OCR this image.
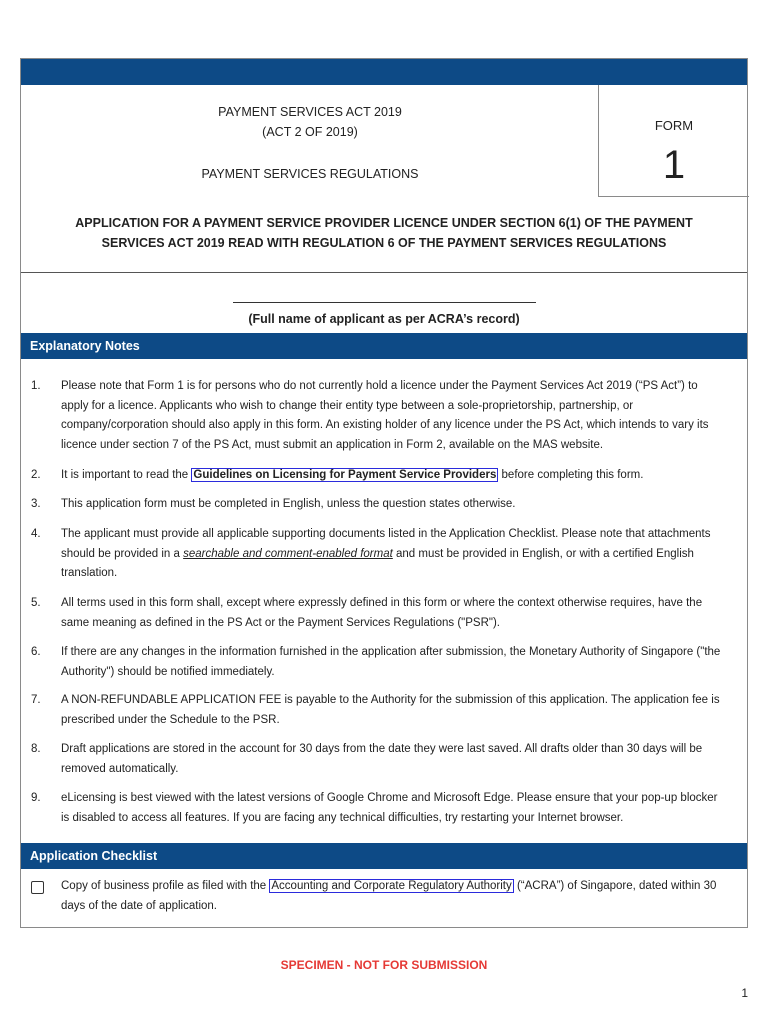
PAYMENT SERVICES ACT 2019
(ACT 2 OF 2019)
PAYMENT SERVICES REGULATIONS
FORM
1
APPLICATION FOR A PAYMENT SERVICE PROVIDER LICENCE UNDER SECTION 6(1) OF THE PAYMENT
SERVICES ACT 2019 READ WITH REGULATION 6 OF THE PAYMENT SERVICES REGULATIONS
(Full name of applicant as per ACRA’s record)
Explanatory Notes
1. Please note that Form 1 is for persons who do not currently hold a licence under the Payment Services Act 2019 (“PS Act”) to apply for a licence. Applicants who wish to change their entity type between a sole-proprietorship, partnership, or company/corporation should also apply in this form. An existing holder of any licence under the PS Act, which intends to vary its licence under section 7 of the PS Act, must submit an application in Form 2, available on the MAS website.
2. It is important to read the Guidelines on Licensing for Payment Service Providers before completing this form.
3. This application form must be completed in English, unless the question states otherwise.
4. The applicant must provide all applicable supporting documents listed in the Application Checklist. Please note that attachments should be provided in a searchable and comment-enabled format and must be provided in English, or with a certified English translation.
5. All terms used in this form shall, except where expressly defined in this form or where the context otherwise requires, have the same meaning as defined in the PS Act or the Payment Services Regulations ("PSR").
6. If there are any changes in the information furnished in the application after submission, the Monetary Authority of Singapore ("the Authority") should be notified immediately.
7. A NON-REFUNDABLE APPLICATION FEE is payable to the Authority for the submission of this application. The application fee is prescribed under the Schedule to the PSR.
8. Draft applications are stored in the account for 30 days from the date they were last saved. All drafts older than 30 days will be removed automatically.
9. eLicensing is best viewed with the latest versions of Google Chrome and Microsoft Edge. Please ensure that your pop-up blocker is disabled to access all features. If you are facing any technical difficulties, try restarting your Internet browser.
Application Checklist
Copy of business profile as filed with the Accounting and Corporate Regulatory Authority (“ACRA”) of Singapore, dated within 30 days of the date of application.
SPECIMEN - NOT FOR SUBMISSION
1
